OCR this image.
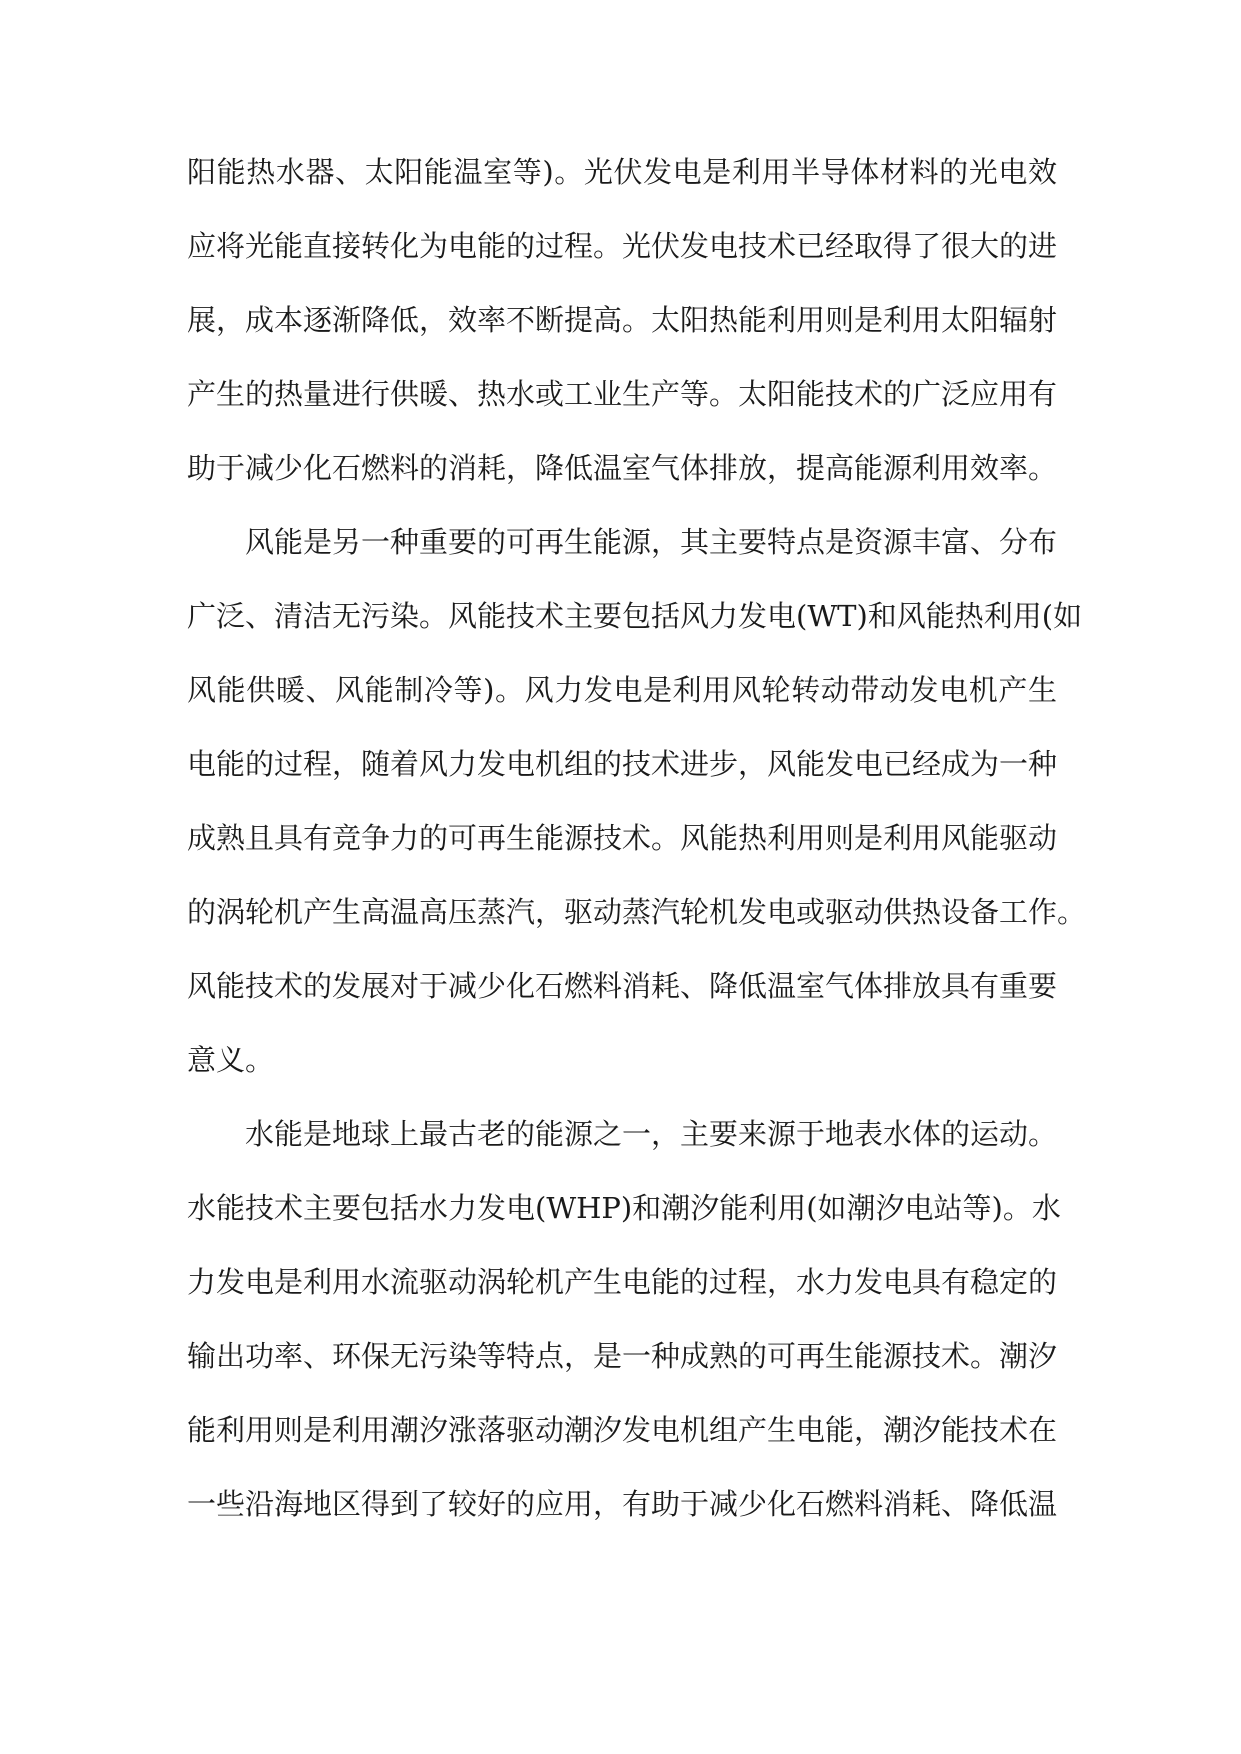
阳能热水器、太阳能温室等)。光伏发电是利用半导体材料的光电效
应将光能直接转化为电能的过程。光伏发电技术已经取得了很大的进
展，成本逐渐降低，效率不断提高。太阳热能利用则是利用太阳辐射
产生的热量进行供暖、热水或工业生产等。太阳能技术的广泛应用有
助于减少化石燃料的消耗，降低温室气体排放，提高能源利用效率。
风能是另一种重要的可再生能源，其主要特点是资源丰富、分布
广泛、清洁无污染。风能技术主要包括风力发电(WT)和风能热利用(如
风能供暖、风能制冷等)。风力发电是利用风轮转动带动发电机产生
电能的过程，随着风力发电机组的技术进步，风能发电已经成为一种
成熟且具有竞争力的可再生能源技术。风能热利用则是利用风能驱动
的涡轮机产生高温高压蒸汽，驱动蒸汽轮机发电或驱动供热设备工作。
风能技术的发展对于减少化石燃料消耗、降低温室气体排放具有重要
意义。
水能是地球上最古老的能源之一，主要来源于地表水体的运动。
水能技术主要包括水力发电(WHP)和潮汐能利用(如潮汐电站等)。水
力发电是利用水流驱动涡轮机产生电能的过程，水力发电具有稳定的
输出功率、环保无污染等特点，是一种成熟的可再生能源技术。潮汐
能利用则是利用潮汐涨落驱动潮汐发电机组产生电能，潮汐能技术在
一些沿海地区得到了较好的应用，有助于减少化石燃料消耗、降低温
